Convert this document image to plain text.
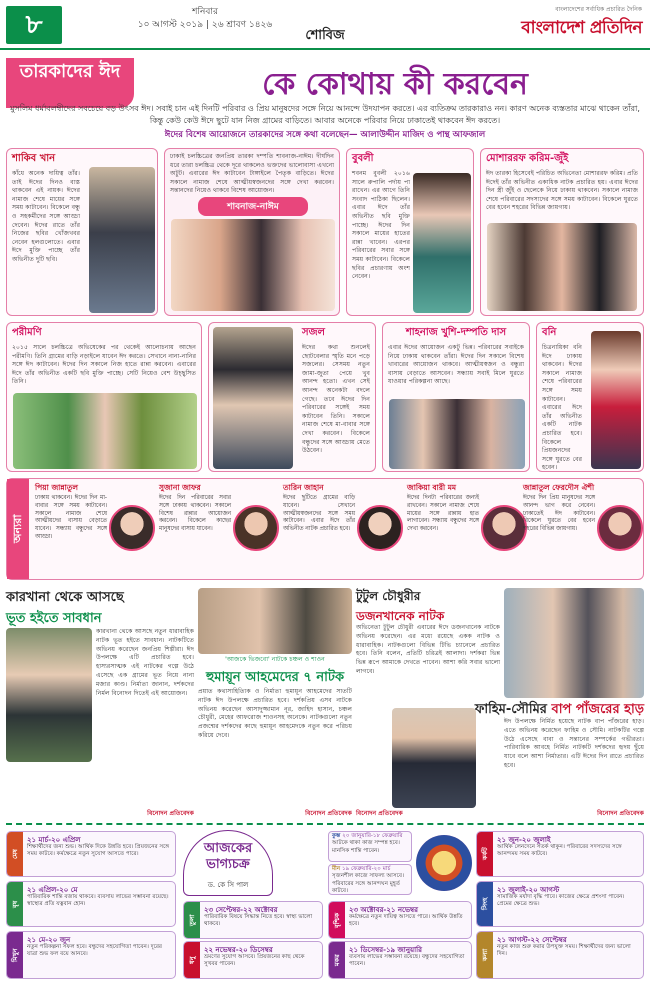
৮	শনিবার
১০ আগস্ট ২০১৯ | ২৬ শ্রাবণ ১৪২৬
শোবিজ
বাংলাদেশের সর্বাধিক প্রচারিত দৈনিক
বাংলাদেশ প্রতিদিন
তারকাদের ঈদ	কে কোথায় কী করবেন
মুসলিম ধর্মাবলম্বীদের সবচেয়ে বড় উৎসব ঈদ। সবাই চান এই দিনটি পরিবার ও প্রিয় মানুষদের সঙ্গে নিয়ে আনন্দে উদযাপন করতে। এর ব্যতিক্রম তারকারাও নন। কারণ অনেক ব্যস্ততার মাঝে থাকেন তাঁরা, কিন্তু কেউ কেউ ঈদে ছুটে যান নিজ গ্রামের বাড়িতে। আবার অনেকে পরিবার নিয়ে ঢাকাতেই থাকবেন ঈদ করতে।
ঈদের বিশেষ আয়োজনে তারকাদের সঙ্গে কথা বলেছেন— আলাউদ্দীন মাজিদ ও পান্থ আফজাল
শাকিব খান

কাঁধে অনেক দায়িত্ব তাঁর। তাই ঈদের দিনও ব্যস্ত থাকবেন এই নায়ক। ঈদের নামাজ শেষে মায়ের সঙ্গে সময় কাটাবেন। বিকেলে বন্ধু ও সহকর্মীদের সঙ্গে আড্ডা দেবেন। ঈদের রাতে তাঁর নিজের ছবির খোঁজখবর নেবেন হলগুলোতে। এবার ঈদে মুক্তি পাচ্ছে তাঁর অভিনীত দুটি ছবি।

ঢাকাই চলচ্চিত্রের জনপ্রিয় তারকা দম্পতি শাবনাজ-নাঈম। দীর্ঘদিন ধরে তারা চলচ্চিত্র থেকে দূরে থাকলেও ভক্তদের ভালোবাসা এখনো অটুট। এবারের ঈদ কাটাবেন টাঙ্গাইলে পৈতৃক বাড়িতে। ঈদের সকালে নামাজ শেষে আত্মীয়স্বজনদের সঙ্গে দেখা করবেন। সন্তানদের নিয়েও থাকবে বিশেষ আয়োজন।

শাবনাজ-নাঈম
বুবলী

শবনম বুবলী ২০১৬ সালে রুপালি পর্দায় পা রাখেন। এর আগে তিনি সংবাদ পাঠিকা ছিলেন। এবার ঈদে তাঁর অভিনীত ছবি মুক্তি পাচ্ছে। ঈদের দিন সকালে মায়ের হাতের রান্না খাবেন। এরপর পরিবারের সবার সঙ্গে সময় কাটাবেন। বিকেলে ছবির প্রচারণায় অংশ নেবেন।

মোশাররফ করিম-জুঁই

ঈদ তারকা হিসেবেই পরিচিত অভিনেতা মোশাররফ করিম। প্রতি ঈদেই তাঁর অভিনীত একাধিক নাটক প্রচারিত হয়। এবার ঈদের দিন স্ত্রী জুঁই ও ছেলেকে নিয়ে ঢাকায় থাকবেন। সকালে নামাজ শেষে পরিবারের সদস্যদের সঙ্গে সময় কাটাবেন। বিকেলে ঘুরতে বের হবেন শহরের বিভিন্ন জায়গায়।

পরীমণি

২০১৫ সালে চলচ্চিত্রে অভিষেকের পর থেকেই আলোচনায় আছেন পরীমণি। তিনি গ্রামের বাড়ি নড়াইলে যাবেন ঈদ করতে। সেখানে নানা-নানির সঙ্গে ঈদ কাটাবেন। ঈদের দিন সকালে নিজ হাতে রান্না করবেন। এবারের ঈদে তাঁর অভিনীত একটি ছবি মুক্তি পাচ্ছে। সেটি নিয়েও বেশ উচ্ছ্বসিত তিনি।

সজল

ঈদের কথা শুনলেই ছোটবেলার স্মৃতি মনে পড়ে সজলের। সেসময় নতুন জামা-জুতা পেয়ে খুব আনন্দ হতো। এখন সেই আনন্দ অনেকটা বদলে গেছে। তবে ঈদের দিন পরিবারের সঙ্গেই সময় কাটাবেন তিনি। সকালে নামাজ শেষে মা-বাবার সঙ্গে দেখা করবেন। বিকেলে বন্ধুদের সঙ্গে আড্ডায় মেতে উঠবেন।

শাহনাজ খুশি-দম্পতি দাস

এবার ঈদের আয়োজন একটু ভিন্ন। পরিবারের সবাইকে নিয়ে ঢাকায় থাকবেন তাঁরা। ঈদের দিন সকালে বিশেষ খাবারের আয়োজন থাকবে। আত্মীয়স্বজন ও বন্ধুরা বাসায় বেড়াতে আসবেন। সন্ধ্যায় সবাই মিলে ঘুরতে যাওয়ার পরিকল্পনা আছে।

বনি

চিত্রনায়িকা বনি ঈদে ঢাকায় থাকবেন। ঈদের সকালে নামাজ শেষে পরিবারের সঙ্গে সময় কাটাবেন। এবারের ঈদে তাঁর অভিনীত একটি নাটক প্রচারিত হবে। বিকেলে প্রিয়জনদের সঙ্গে ঘুরতে বের হবেন।

অন্যরা
পিয়া জান্নাতুল

ঢাকায় থাকবেন। ঈদের দিন মা-বাবার সঙ্গে সময় কাটাবেন। সকালে নামাজ শেষে আত্মীয়দের বাসায় বেড়াতে যাবেন। সন্ধ্যায় বন্ধুদের সঙ্গে আড্ডা।

সুজানা জাফর

ঈদের দিন পরিবারের সবার সঙ্গে ঢাকায় থাকবেন। সকালে বিশেষ রান্নার আয়োজন করবেন। বিকেলে কাছের মানুষদের বাসায় যাবেন।

তারিন জাহান

ঈদের ছুটিতে গ্রামের বাড়ি যাবেন। সেখানে আত্মীয়স্বজনদের সঙ্গে সময় কাটাবেন। এবার ঈদে তাঁর অভিনীত নাটক প্রচারিত হবে।

জাকিয়া বারী মম

ঈদের দিনটা পরিবারের জন্যই রাখবেন। সকালে নামাজ শেষে মায়ের সঙ্গে রান্নায় হাত লাগাবেন। সন্ধ্যায় বন্ধুদের সঙ্গে দেখা করবেন।

জান্নাতুল ফেরদৌস ঐশী

ঈদের দিন প্রিয় মানুষদের সঙ্গে আনন্দ ভাগ করে নেবেন। ঢাকাতেই ঈদ কাটাবেন। বিকেলে ঘুরতে বের হবেন শহরের বিভিন্ন জায়গায়।

কারখানা থেকে আসছে
ভূত হইতে সাবধান

কারখানা থেকে আসছে নতুন ধারাবাহিক নাটক ভূত হইতে সাবধান। নাটকটিতে অভিনয় করেছেন জনপ্রিয় শিল্পীরা। ঈদ উপলক্ষে এটি প্রচারিত হবে। হাস্যরসাত্মক এই নাটকের গল্পে উঠে এসেছে এক গ্রামের ভূত নিয়ে নানা মজার কাণ্ড। নির্মাতা জানান, দর্শকদের নির্মল বিনোদন দিতেই এই আয়োজন।

বিনোদন প্রতিবেদক

'আজকে ভিজবো' নাটকে চঞ্চল ও শাওন

হুমায়ূন আহমেদের ৭ নাটক

প্রয়াত কথাসাহিত্যিক ও নির্মাতা হুমায়ূন আহমেদের সাতটি নাটক ঈদ উপলক্ষে প্রচারিত হবে। দর্শকপ্রিয় এসব নাটকে অভিনয় করেছেন আসাদুজ্জামান নূর, জাহিদ হাসান, চঞ্চল চৌধুরী, মেহের আফরোজ শাওনসহ অনেকে। নাটকগুলো নতুন প্রজন্মের দর্শকদের কাছে হুমায়ূন আহমেদকে নতুন করে পরিচয় করিয়ে দেবে।

বিনোদন প্রতিবেদক

টুটুল চৌধুরীর
ডজনখানেক নাটক

অভিনেতা টুটুল চৌধুরী এবারের ঈদে ডজনখানেক নাটকে অভিনয় করেছেন। এর মধ্যে রয়েছে একক নাটক ও ধারাবাহিক। নাটকগুলো বিভিন্ন টিভি চ্যানেলে প্রচারিত হবে। তিনি বলেন, প্রতিটি চরিত্রই আলাদা। দর্শকরা ভিন্ন ভিন্ন রূপে আমাকে দেখতে পাবেন। আশা করি সবার ভালো লাগবে।

বিনোদন প্রতিবেদক

ফাহিম-সৌমির বাপ পাঁজরের হাড়

ঈদ উপলক্ষে নির্মিত হয়েছে নাটক বাপ পাঁজরের হাড়। এতে অভিনয় করেছেন ফাহিম ও সৌমি। নাটকটির গল্পে উঠে এসেছে বাবা ও সন্তানের সম্পর্কের গভীরতা। পারিবারিক আবহে নির্মিত নাটকটি দর্শকদের হৃদয় ছুঁয়ে যাবে বলে আশা নির্মাতার। এটি ঈদের দিন রাতে প্রচারিত হবে।

বিনোদন প্রতিবেদক

আজকের ভাগ্যচক্র
ড. কে সি পাল
মেষ
২১ মার্চ-২০ এপ্রিল
শিক্ষার্থীদের জন্য শুভ। আর্থিক দিকে উন্নতি হবে। প্রিয়জনের সঙ্গে সময় কাটবে। কর্মক্ষেত্রে নতুন সুযোগ আসতে পারে।
বৃষ
২১ এপ্রিল-২০ মে
পারিবারিক শান্তি বজায় থাকবে। ব্যবসায় লাভের সম্ভাবনা রয়েছে। স্বাস্থ্যের প্রতি যত্নবান হোন।
মিথুন
২১ মে-২০ জুন
নতুন পরিকল্পনা সফল হবে। বন্ধুদের সহযোগিতা পাবেন। দূরের যাত্রা শুভ ফল বয়ে আনবে।
কর্কট
২১ জুন-২০ জুলাই
আর্থিক লেনদেনে সতর্ক থাকুন। পরিবারের সদস্যদের সঙ্গে আনন্দময় সময় কাটবে।
সিংহ
২১ জুলাই-২০ আগস্ট
সামাজিক মর্যাদা বৃদ্ধি পাবে। কাজের ক্ষেত্রে প্রশংসা পাবেন। প্রেমের ক্ষেত্রে শুভ।
কন্যা
২১ আগস্ট-২২ সেপ্টেম্বর
নতুন কাজ শুরু করার উপযুক্ত সময়। শিক্ষার্থীদের জন্য ভালো দিন।
তুলা
২৩ সেপ্টেম্বর-২২ অক্টোবর
পারিবারিক বিষয়ে সিদ্ধান্ত নিতে হবে। স্বাস্থ্য ভালো থাকবে।	বৃশ্চিক
২৩ অক্টোবর-২১ নভেম্বর
কর্মক্ষেত্রে নতুন দায়িত্ব আসতে পারে। আর্থিক উন্নতি হবে।
ধনু
২২ নভেম্বর-২০ ডিসেম্বর
ভ্রমণের সুযোগ আসবে। প্রিয়জনের কাছ থেকে সুখবর পাবেন।	মকর
২১ ডিসেম্বর-১৯ জানুয়ারি
ব্যবসায় লাভের সম্ভাবনা রয়েছে। বন্ধুদের সহযোগিতা পাবেন।
কুম্ভ ২০ জানুয়ারি-১৮ ফেব্রুয়ারি
আটকে থাকা কাজ সম্পন্ন হবে। মানসিক শান্তি পাবেন।
মীন ১৯ ফেব্রুয়ারি-২০ মার্চ
সৃজনশীল কাজে সাফল্য আসবে। পরিবারের সঙ্গে আনন্দঘন মুহূর্ত কাটবে।
